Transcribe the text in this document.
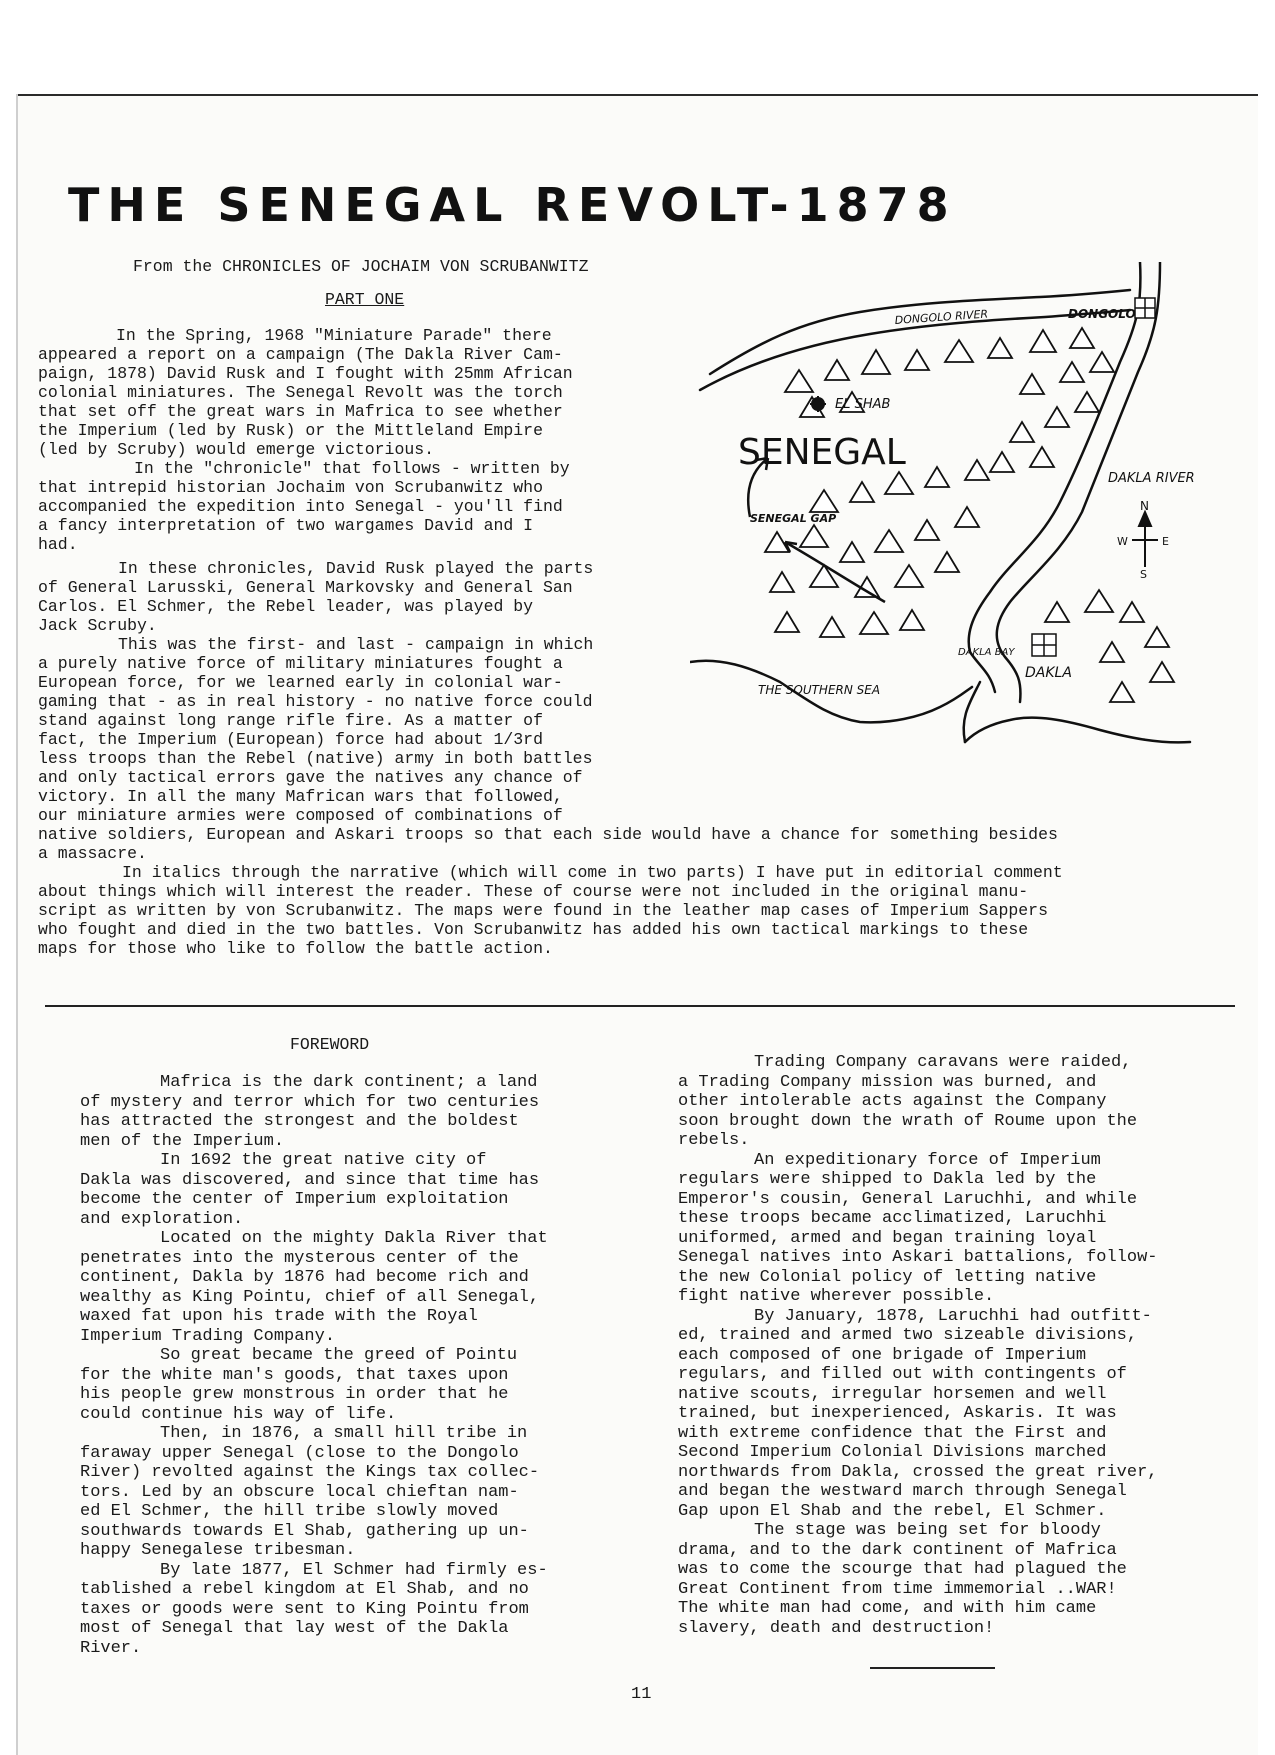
THE SENEGAL REVOLT-1878
From the CHRONICLES OF JOCHAIM VON SCRUBANWITZ
PART ONE
In the Spring, 1968 "Miniature Parade" there
appeared a report on a campaign (The Dakla River Cam-
paign, 1878) David Rusk and I fought with 25mm African
colonial miniatures. The Senegal Revolt was the torch
that set off the great wars in Mafrica to see whether
the Imperium (led by Rusk) or the Mittleland Empire
(led by Scruby) would emerge victorious.
In the "chronicle" that follows - written by
that intrepid historian Jochaim von Scrubanwitz who
accompanied the expedition into Senegal - you'll find
a fancy interpretation of two wargames David and I
had.
In these chronicles, David Rusk played the parts
of General Larusski, General Markovsky and General San
Carlos. El Schmer, the Rebel leader, was played by
Jack Scruby.
This was the first- and last - campaign in which
a purely native force of military miniatures fought a
European force, for we learned early in colonial war-
gaming that - as in real history - no native force could
stand against long range rifle fire. As a matter of
fact, the Imperium (European) force had about 1/3rd
less troops than the Rebel (native) army in both battles
and only tactical errors gave the natives any chance of
victory. In all the many Mafrican wars that followed,
our miniature armies were composed of combinations of
native soldiers, European and Askari troops so that each side would have a chance for something besides
a massacre.
In italics through the narrative (which will come in two parts) I have put in editorial comment
about things which will interest the reader. These of course were not included in the original manu-
script as written by von Scrubanwitz. The maps were found in the leather map cases of Imperium Sappers
who fought and died in the two battles. Von Scrubanwitz has added his own tactical markings to these
maps for those who like to follow the battle action.
DONGOLO RIVER	DONGOLO
EL SHAB
SENEGAL
DAKLA RIVER
SENEGAL GAP
N
W	E
S
DAKLA BAY
DAKLA
THE SOUTHERN SEA
FOREWORD
Mafrica is the dark continent; a land
of mystery and terror which for two centuries
has attracted the strongest and the boldest
men of the Imperium.
In 1692 the great native city of
Dakla was discovered, and since that time has
become the center of Imperium exploitation
and exploration.
Located on the mighty Dakla River that
penetrates into the mysterous center of the
continent, Dakla by 1876 had become rich and
wealthy as King Pointu, chief of all Senegal,
waxed fat upon his trade with the Royal
Imperium Trading Company.
So great became the greed of Pointu
for the white man's goods, that taxes upon
his people grew monstrous in order that he
could continue his way of life.
Then, in 1876, a small hill tribe in
faraway upper Senegal (close to the Dongolo
River) revolted against the Kings tax collec-
tors. Led by an obscure local chieftan nam-
ed El Schmer, the hill tribe slowly moved
southwards towards El Shab, gathering up un-
happy Senegalese tribesman.
By late 1877, El Schmer had firmly es-
tablished a rebel kingdom at El Shab, and no
taxes or goods were sent to King Pointu from
most of Senegal that lay west of the Dakla
River.
Trading Company caravans were raided,
a Trading Company mission was burned, and
other intolerable acts against the Company
soon brought down the wrath of Roume upon the
rebels.
An expeditionary force of Imperium
regulars were shipped to Dakla led by the
Emperor's cousin, General Laruchhi, and while
these troops became acclimatized, Laruchhi
uniformed, armed and began training loyal
Senegal natives into Askari battalions, follow-
the new Colonial policy of letting native
fight native wherever possible.
By January, 1878, Laruchhi had outfitt-
ed, trained and armed two sizeable divisions,
each composed of one brigade of Imperium
regulars, and filled out with contingents of
native scouts, irregular horsemen and well
trained, but inexperienced, Askaris. It was
with extreme confidence that the First and
Second Imperium Colonial Divisions marched
northwards from Dakla, crossed the great river,
and began the westward march through Senegal
Gap upon El Shab and the rebel, El Schmer.
The stage was being set for bloody
drama, and to the dark continent of Mafrica
was to come the scourge that had plagued the
Great Continent from time immemorial ..WAR!
The white man had come, and with him came
slavery, death and destruction!
11
